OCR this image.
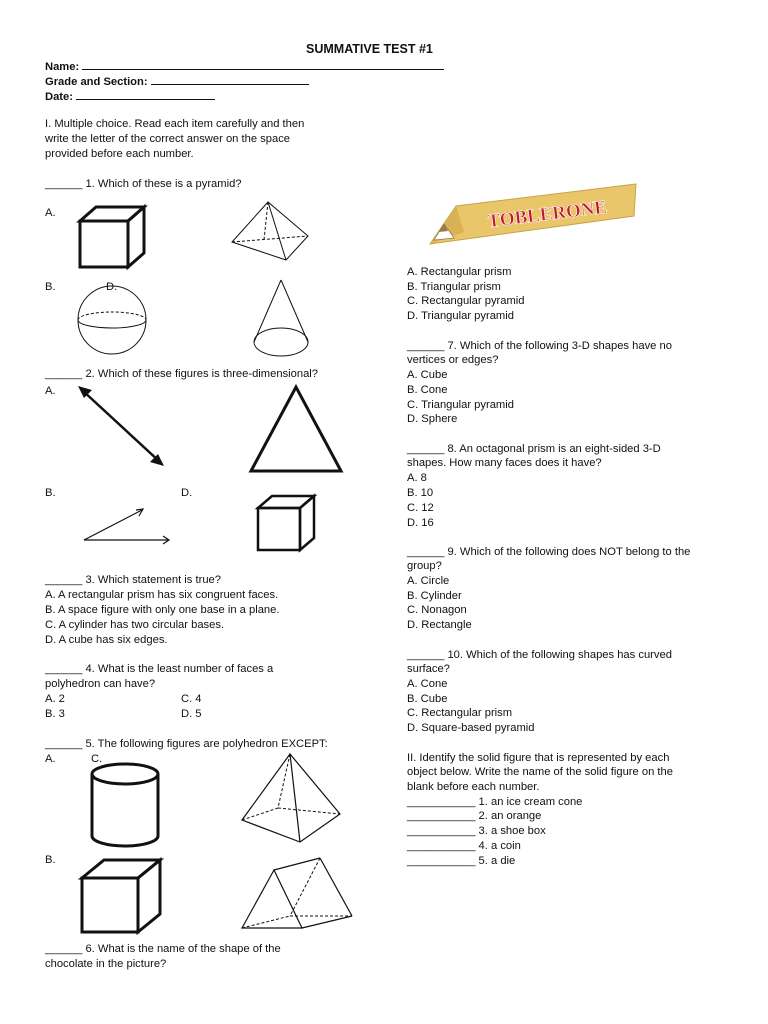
SUMMATIVE TEST #1
Name:
Grade and Section:
Date:
I. Multiple choice. Read each item carefully and then
write the letter of the correct answer on the space
provided before each number.
______ 1. Which of these is a pyramid?
A.
B.	D.
______ 2. Which of these figures is three-dimensional?
A.
B.	D.
______ 3. Which statement is true?
A. A rectangular prism has six congruent faces.
B. A space figure with only one base in a plane.
C. A cylinder has two circular bases.
D. A cube has six edges.
______ 4. What is the least number of faces a
polyhedron can have?
A. 2	C. 4
B. 3	D. 5
______ 5. The following figures are polyhedron EXCEPT:
A.	C.
B.
______ 6. What is the name of the shape of the
chocolate in the picture?
TOBLERONE
A. Rectangular prism
B. Triangular prism
C. Rectangular pyramid
D. Triangular pyramid
______ 7. Which of the following 3-D shapes have no
vertices or edges?
A. Cube
B. Cone
C. Triangular pyramid
D. Sphere
______ 8. An octagonal prism is an eight-sided 3-D
shapes. How many faces does it have?
A. 8
B. 10
C. 12
D. 16
______ 9. Which of the following does NOT belong to the
group?
A. Circle
B. Cylinder
C. Nonagon
D. Rectangle
______ 10. Which of the following shapes has curved
surface?
A. Cone
B. Cube
C. Rectangular prism
D. Square-based pyramid
II. Identify the solid figure that is represented by each
object below. Write the name of the solid figure on the
blank before each number.
___________ 1. an ice cream cone
___________ 2. an orange
___________ 3. a shoe box
___________ 4. a coin
___________ 5. a die
